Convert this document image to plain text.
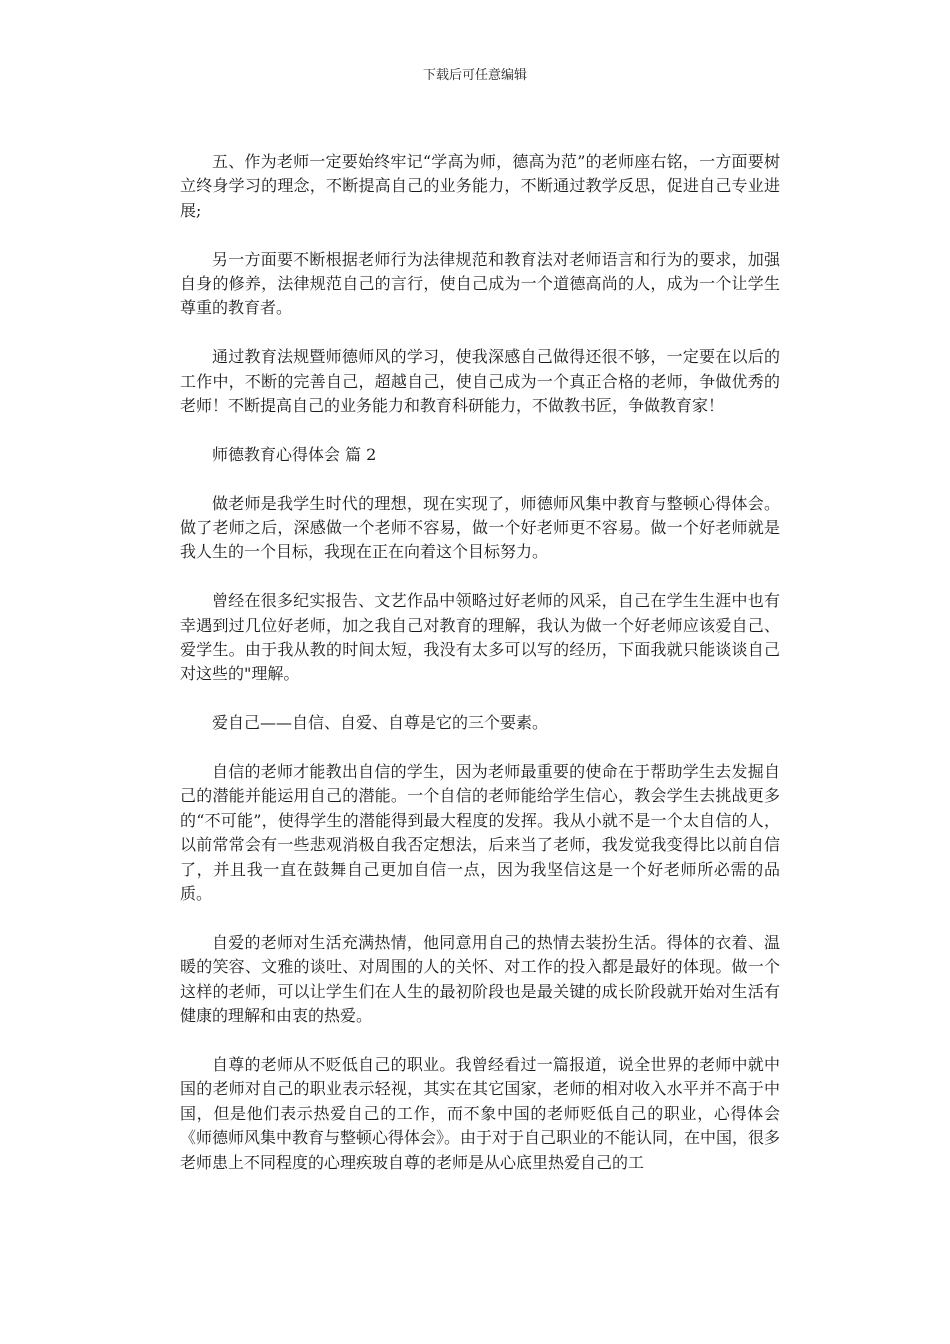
下载后可任意编辑

五、作为老师一定要始终牢记“学高为师，德高为范”的老师座右铭，一方面要树立终身学习的理念，不断提高自己的业务能力，不断通过教学反思，促进自己专业进展;

另一方面要不断根据老师行为法律规范和教育法对老师语言和行为的要求，加强自身的修养，法律规范自己的言行，使自己成为一个道德高尚的人，成为一个让学生尊重的教育者。

通过教育法规暨师德师风的学习，使我深感自己做得还很不够，一定要在以后的工作中，不断的完善自己，超越自己，使自己成为一个真正合格的老师，争做优秀的老师！不断提高自己的业务能力和教育科研能力，不做教书匠，争做教育家！

师德教育心得体会 篇 2

做老师是我学生时代的理想，现在实现了，师德师风集中教育与整顿心得体会。做了老师之后，深感做一个老师不容易，做一个好老师更不容易。做一个好老师就是我人生的一个目标，我现在正在向着这个目标努力。

曾经在很多纪实报告、文艺作品中领略过好老师的风采，自己在学生生涯中也有幸遇到过几位好老师，加之我自己对教育的理解，我认为做一个好老师应该爱自己、爱学生。由于我从教的时间太短，我没有太多可以写的经历，下面我就只能谈谈自己对这些的"理解。

爱自己——自信、自爱、自尊是它的三个要素。

自信的老师才能教出自信的学生，因为老师最重要的使命在于帮助学生去发掘自己的潜能并能运用自己的潜能。一个自信的老师能给学生信心，教会学生去挑战更多的“不可能”，使得学生的潜能得到最大程度的发挥。我从小就不是一个太自信的人，以前常常会有一些悲观消极自我否定想法，后来当了老师，我发觉我变得比以前自信了，并且我一直在鼓舞自己更加自信一点，因为我坚信这是一个好老师所必需的品质。

自爱的老师对生活充满热情，他同意用自己的热情去装扮生活。得体的衣着、温暖的笑容、文雅的谈吐、对周围的人的关怀、对工作的投入都是最好的体现。做一个这样的老师，可以让学生们在人生的最初阶段也是最关键的成长阶段就开始对生活有健康的理解和由衷的热爱。

自尊的老师从不贬低自己的职业。我曾经看过一篇报道，说全世界的老师中就中国的老师对自己的职业表示轻视，其实在其它国家，老师的相对收入水平并不高于中国，但是他们表示热爱自己的工作，而不象中国的老师贬低自己的职业，心得体会《师德师风集中教育与整顿心得体会》。由于对于自己职业的不能认同，在中国，很多老师患上不同程度的心理疾玻自尊的老师是从心底里热爱自己的工
